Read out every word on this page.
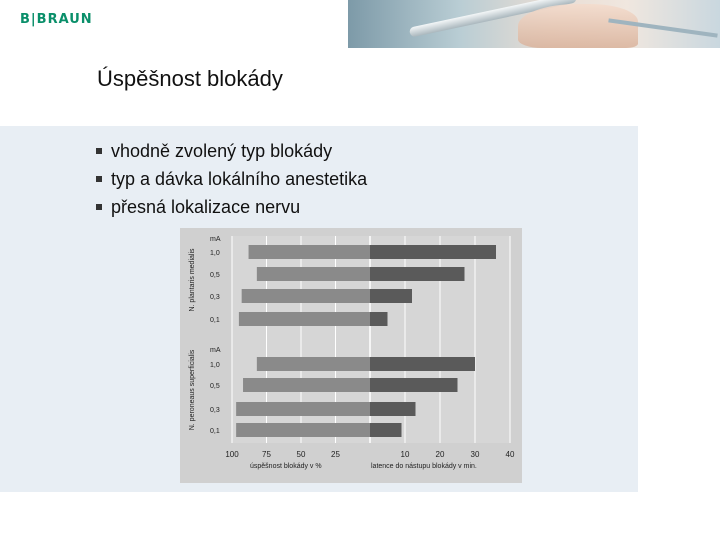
B|BRAUN
Úspěšnost blokády
vhodně zvolený typ blokády
typ a dávka lokálního anestetika
přesná lokalizace nervu
mA
N. plantaris medialis 1,0
0,5
0,3
0,1
mA
N. peroneaus superficialis 1,0
0,5
0,3
0,1
100	75	50	25	10	20	30	40
úspěšnost blokády v %	latence do nástupu blokády v min.
